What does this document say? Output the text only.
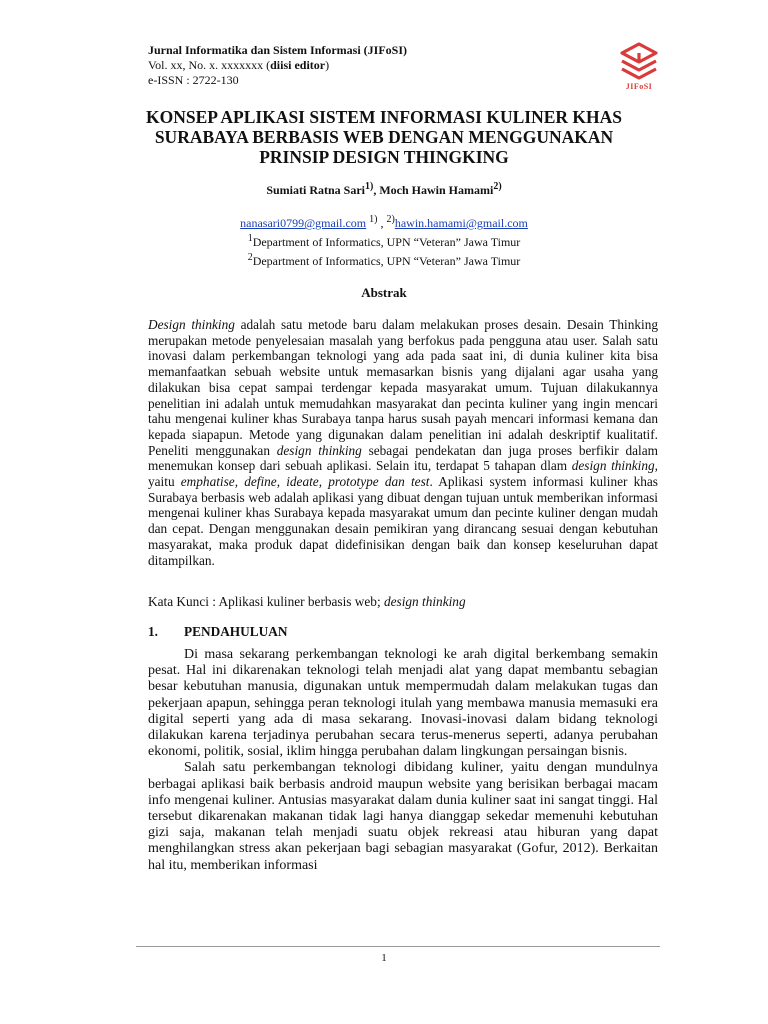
Jurnal Informatika dan Sistem Informasi (JIFoSI)
Vol. xx, No. x. xxxxxxx (diisi editor)
e-ISSN : 2722-130	JIFoSI
KONSEP APLIKASI SISTEM INFORMASI KULINER KHAS
SURABAYA BERBASIS WEB DENGAN MENGGUNAKAN
PRINSIP DESIGN THINGKING
Sumiati Ratna Sari$^{1)}$, Moch Hawin Hamami$^{2)}$
nanasari0799@gmail.com $^{1)}$ , $^{2)}$hawin.hamami@gmail.com
$^1$Department of Informatics, UPN “Veteran” Jawa Timur
$^2$Department of Informatics, UPN “Veteran” Jawa Timur
Abstrak
Design thinking adalah satu metode baru dalam melakukan proses desain. Desain Thinking merupakan metode penyelesaian masalah yang berfokus pada pengguna atau user. Salah satu inovasi dalam perkembangan teknologi yang ada pada saat ini, di dunia kuliner kita bisa memanfaatkan sebuah website untuk memasarkan bisnis yang dijalani agar usaha yang dilakukan bisa cepat sampai terdengar kepada masyarakat umum. Tujuan dilakukannya penelitian ini adalah untuk memudahkan masyarakat dan pecinta kuliner yang ingin mencari tahu mengenai kuliner khas Surabaya tanpa harus susah payah mencari informasi kemana dan kepada siapapun. Metode yang digunakan dalam penelitian ini adalah deskriptif kualitatif. Peneliti menggunakan design thinking sebagai pendekatan dan juga proses berfikir dalam menemukan konsep dari sebuah aplikasi. Selain itu, terdapat 5 tahapan dlam design thinking, yaitu emphatise, define, ideate, prototype dan test. Aplikasi system informasi kuliner khas Surabaya berbasis web adalah aplikasi yang dibuat dengan tujuan untuk memberikan informasi mengenai kuliner khas Surabaya kepada masyarakat umum dan pecinte kuliner dengan mudah dan cepat. Dengan menggunakan desain pemikiran yang dirancang sesuai dengan kebutuhan masyarakat, maka produk dapat didefinisikan dengan baik dan konsep keseluruhan dapat ditampilkan.
Kata Kunci : Aplikasi kuliner berbasis web; design thinking
1. PENDAHULUAN

Di masa sekarang perkembangan teknologi ke arah digital berkembang semakin pesat. Hal ini dikarenakan teknologi telah menjadi alat yang dapat membantu sebagian besar kebutuhan manusia, digunakan untuk mempermudah dalam melakukan tugas dan pekerjaan apapun, sehingga peran teknologi itulah yang membawa manusia memasuki era digital seperti yang ada di masa sekarang. Inovasi-inovasi dalam bidang teknologi dilakukan karena terjadinya perubahan secara terus-menerus seperti, adanya perubahan ekonomi, politik, sosial, iklim hingga perubahan dalam lingkungan persaingan bisnis.

Salah satu perkembangan teknologi dibidang kuliner, yaitu dengan mundulnya berbagai aplikasi baik berbasis android maupun website yang berisikan berbagai macam info mengenai kuliner. Antusias masyarakat dalam dunia kuliner saat ini sangat tinggi. Hal tersebut dikarenakan makanan tidak lagi hanya dianggap sekedar memenuhi kebutuhan gizi saja, makanan telah menjadi suatu objek rekreasi atau hiburan yang dapat menghilangkan stress akan pekerjaan bagi sebagian masyarakat (Gofur, 2012). Berkaitan hal itu, memberikan informasi

1
